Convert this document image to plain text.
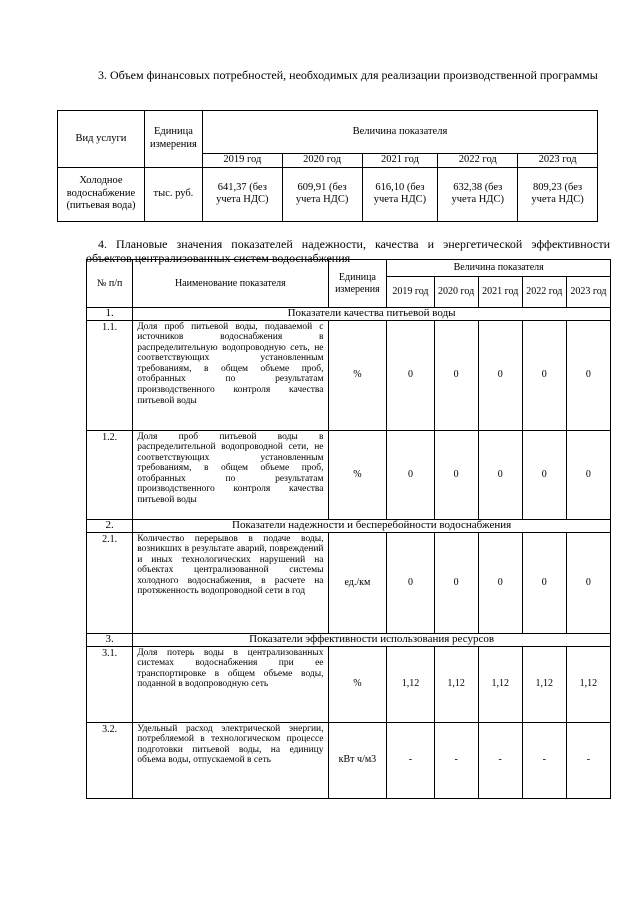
3. Объем финансовых потребностей, необходимых для реализации производственной программы
Вид услуги	Единица измерения	Величина показателя				
		2019 год	2020 год	2021 год	2022 год	2023 год
Холодное водоснабжение (питьевая вода)	тыс. руб.	641,37 (без учета НДС)	609,91 (без учета НДС)	616,10 (без учета НДС)	632,38 (без учета НДС)	809,23 (без учета НДС)
4. Плановые значения показателей надежности, качества и энергетической эффективности объектов централизованных систем водоснабжения
№ п/п	Наименование показателя	Единица измерения	Величина показателя				
			2019 год	2020 год	2021 год	2022 год	2023 год
1.	Показатели качества питьевой воды						
1.1.	Доля проб питьевой воды, подаваемой с источников водоснабжения в распределительную водопроводную сеть, не соответствующих установленным требованиям, в общем объеме проб, отобранных по результатам производственного контроля качества питьевой воды	%	0	0	0	0	0
1.2.	Доля проб питьевой воды в распределительной водопроводной сети, не соответствующих установленным требованиям, в общем объеме проб, отобранных по результатам производственного контроля качества питьевой воды	%	0	0	0	0	0
2.	Показатели надежности и бесперебойности водоснабжения						
2.1.	Количество перерывов в подаче воды, возникших в результате аварий, повреждений и иных технологических нарушений на объектах централизованной системы холодного водоснабжения, в расчете на протяженность водопроводной сети в год	ед./км	0	0	0	0	0
3.	Показатели эффективности использования ресурсов						
3.1.	Доля потерь воды в централизованных системах водоснабжения при ее транспортировке в общем объеме воды, поданной в водопроводную сеть	%	1,12	1,12	1,12	1,12	1,12
3.2.	Удельный расход электрической энергии, потребляемой в технологическом процессе подготовки питьевой воды, на единицу объема воды, отпускаемой в сеть	кВт ч/м3	-	-	-	-	-
